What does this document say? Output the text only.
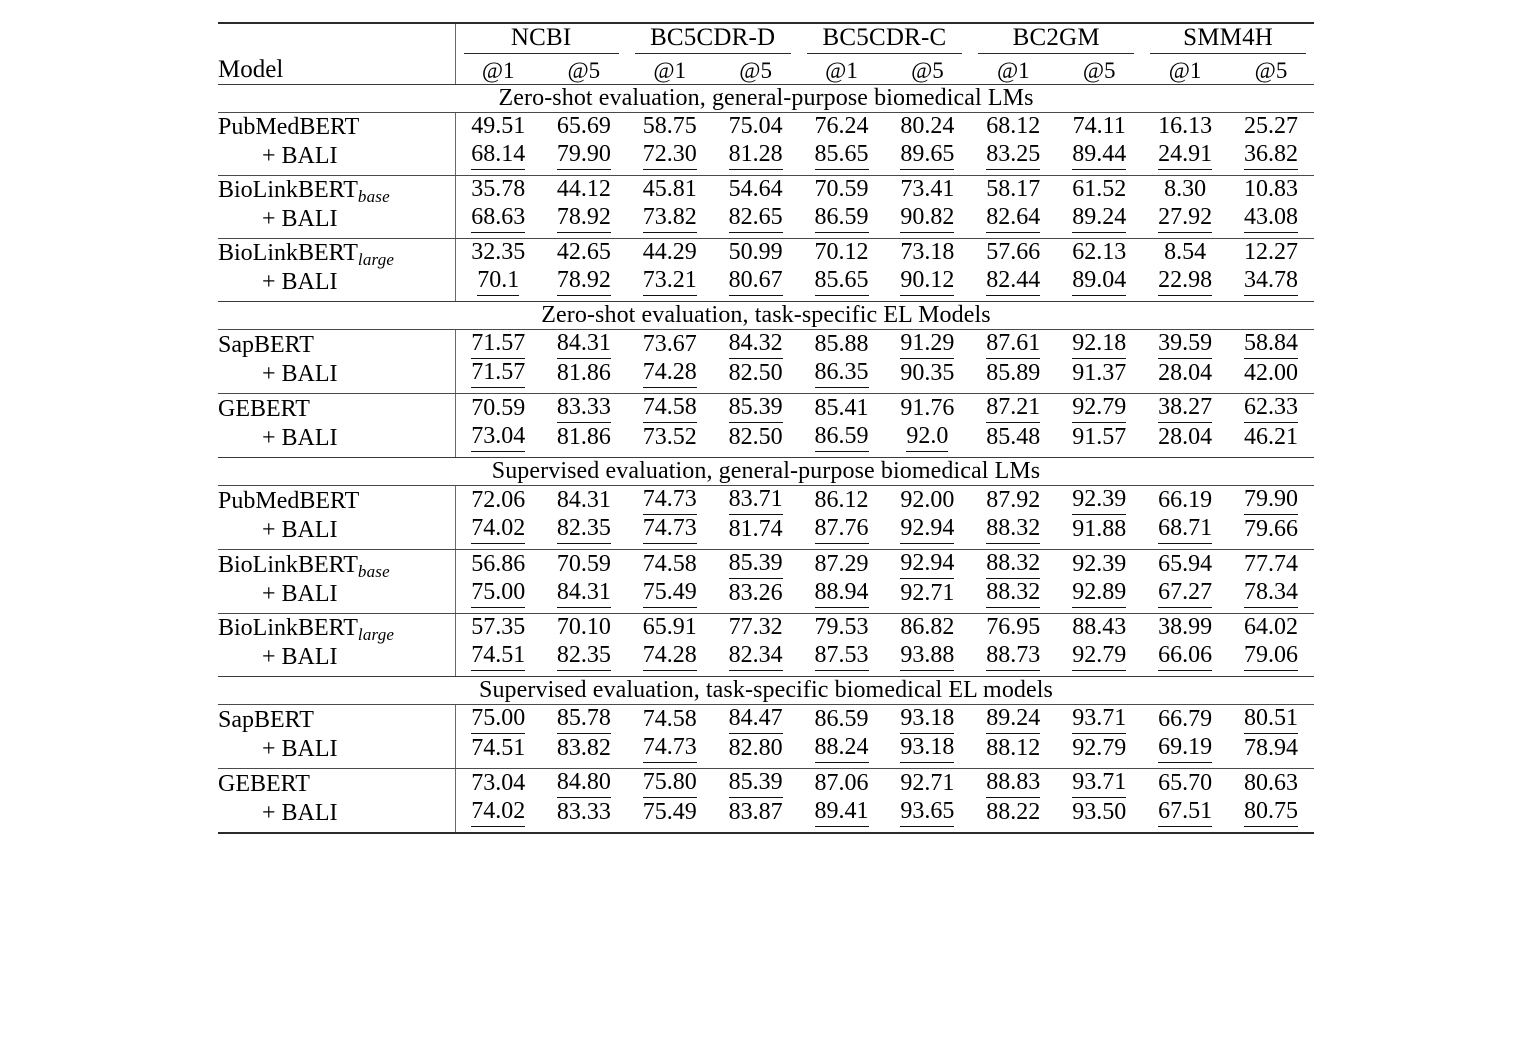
Model	NCBI		BC5CDR-D		BC5CDR-C		BC2GM		SMM4H	

	@1	@5	@1	@5	@1	@5	@1	@5	@1	@5

Zero-shot evaluation, general-purpose biomedical LMs										

PubMedBERT	49.51	65.69	58.75	75.04	76.24	80.24	68.12	74.11	16.13	25.27
+ BALI	68.14	79.90	72.30	81.28	85.65	89.65	83.25	89.44	24.91	36.82

BioLinkBERT$_{base}$	35.78	44.12	45.81	54.64	70.59	73.41	58.17	61.52	8.30	10.83
+ BALI	68.63	78.92	73.82	82.65	86.59	90.82	82.64	89.24	27.92	43.08

BioLinkBERT$_{large}$	32.35	42.65	44.29	50.99	70.12	73.18	57.66	62.13	8.54	12.27
+ BALI	70.1	78.92	73.21	80.67	85.65	90.12	82.44	89.04	22.98	34.78

Zero-shot evaluation, task-specific EL Models										

SapBERT	71.57	84.31	73.67	84.32	85.88	91.29	87.61	92.18	39.59	58.84
+ BALI	71.57	81.86	74.28	82.50	86.35	90.35	85.89	91.37	28.04	42.00

GEBERT	70.59	83.33	74.58	85.39	85.41	91.76	87.21	92.79	38.27	62.33
+ BALI	73.04	81.86	73.52	82.50	86.59	92.0	85.48	91.57	28.04	46.21

Supervised evaluation, general-purpose biomedical LMs										

PubMedBERT	72.06	84.31	74.73	83.71	86.12	92.00	87.92	92.39	66.19	79.90
+ BALI	74.02	82.35	74.73	81.74	87.76	92.94	88.32	91.88	68.71	79.66

BioLinkBERT$_{base}$	56.86	70.59	74.58	85.39	87.29	92.94	88.32	92.39	65.94	77.74
+ BALI	75.00	84.31	75.49	83.26	88.94	92.71	88.32	92.89	67.27	78.34

BioLinkBERT$_{large}$	57.35	70.10	65.91	77.32	79.53	86.82	76.95	88.43	38.99	64.02
+ BALI	74.51	82.35	74.28	82.34	87.53	93.88	88.73	92.79	66.06	79.06

Supervised evaluation, task-specific biomedical EL models										

SapBERT	75.00	85.78	74.58	84.47	86.59	93.18	89.24	93.71	66.79	80.51
+ BALI	74.51	83.82	74.73	82.80	88.24	93.18	88.12	92.79	69.19	78.94

GEBERT	73.04	84.80	75.80	85.39	87.06	92.71	88.83	93.71	65.70	80.63
+ BALI	74.02	83.33	75.49	83.87	89.41	93.65	88.22	93.50	67.51	80.75
